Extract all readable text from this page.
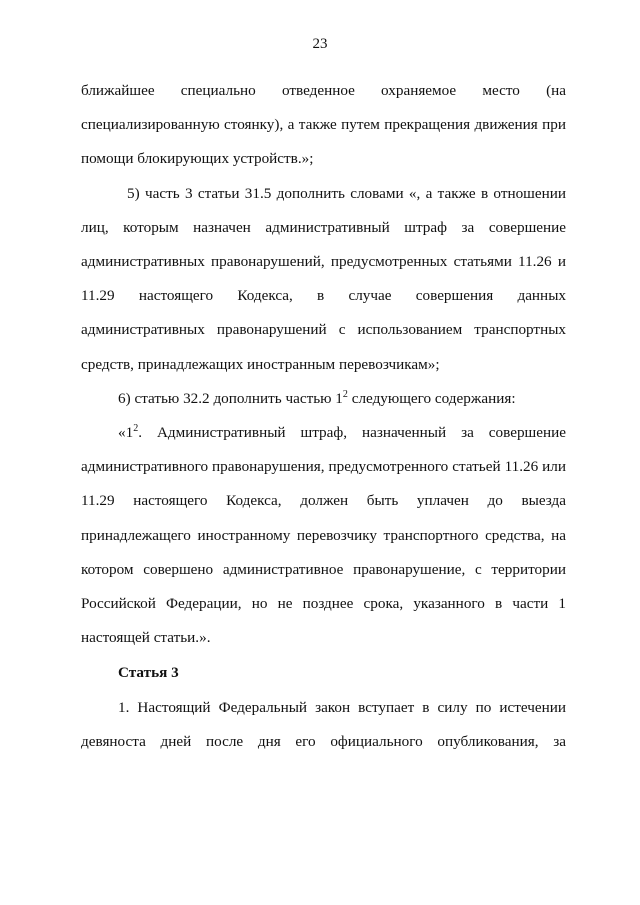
23

ближайшее специально отведенное охраняемое место (на специализированную стоянку), а также путем прекращения движения при помощи блокирующих устройств.»;

5) часть 3 статьи 31.5 дополнить словами «, а также в отношении лиц, которым назначен административный штраф за совершение административных правонарушений, предусмотренных статьями 11.26 и 11.29 настоящего Кодекса, в случае совершения данных административных правонарушений с использованием транспортных средств, принадлежащих иностранным перевозчикам»;

6) статью 32.2 дополнить частью $1^2$ следующего содержания:

«$1^2$. Административный штраф, назначенный за совершение административного правонарушения, предусмотренного статьей 11.26 или 11.29 настоящего Кодекса, должен быть уплачен до выезда принадлежащего иностранному перевозчику транспортного средства, на котором совершено административное правонарушение, с территории Российской Федерации, но не позднее срока, указанного в части 1 настоящей статьи.».

Статья 3

1. Настоящий Федеральный закон вступает в силу по истечении девяноста дней после дня его официального опубликования, за
